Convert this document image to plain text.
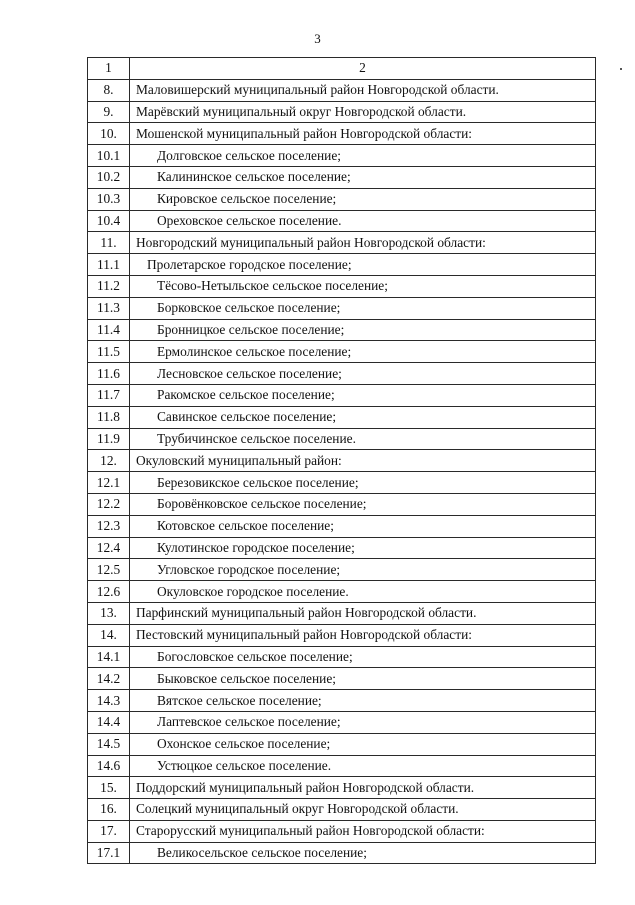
3
1	2
8.	Маловишерский муниципальный район Новгородской области.
9.	Марёвский муниципальный округ Новгородской области.
10.	Мошенской муниципальный район Новгородской области:
10.1	Долговское сельское поселение;
10.2	Калининское сельское поселение;
10.3	Кировское сельское поселение;
10.4	Ореховское сельское поселение.
11.	Новгородский муниципальный район Новгородской области:
11.1	Пролетарское городское поселение;
11.2	Тёсово-Нетыльское сельское поселение;
11.3	Борковское сельское поселение;
11.4	Бронницкое сельское поселение;
11.5	Ермолинское сельское поселение;
11.6	Лесновское сельское поселение;
11.7	Ракомское сельское поселение;
11.8	Савинское сельское поселение;
11.9	Трубичинское сельское поселение.
12.	Окуловский муниципальный район:
12.1	Березовикское сельское поселение;
12.2	Боровёнковское сельское поселение;
12.3	Котовское сельское поселение;
12.4	Кулотинское городское поселение;
12.5	Угловское городское поселение;
12.6	Окуловское городское поселение.
13.	Парфинский муниципальный район Новгородской области.
14.	Пестовский муниципальный район Новгородской области:
14.1	Богословское сельское поселение;
14.2	Быковское сельское поселение;
14.3	Вятское сельское поселение;
14.4	Лаптевское сельское поселение;
14.5	Охонское сельское поселение;
14.6	Устюцкое сельское поселение.
15.	Поддорский муниципальный район Новгородской области.
16.	Солецкий муниципальный округ Новгородской области.
17.	Старорусский муниципальный район Новгородской области:
17.1	Великосельское сельское поселение;
